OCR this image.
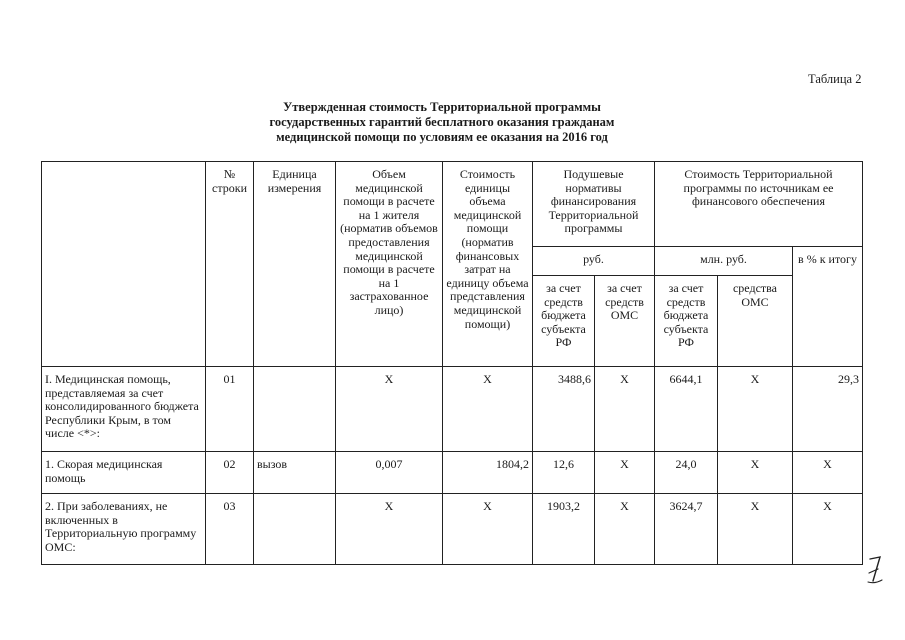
Таблица 2
Утвержденная стоимость Территориальной программы
государственных гарантий бесплатного оказания гражданам
медицинской помощи по условиям ее оказания на 2016 год
	№ строки	Единица измерения	Объем медицинской помощи в расчете на 1 жителя (норматив объемов предоставления медицинской помощи в расчете на 1 застрахованное лицо)	Стоимость единицы объема медицинской помощи (норматив финансовых затрат на единицу объема представления медицинской помощи)	Подушевые нормативы финансирования Территориальной программы		Стоимость Территориальной программы по источникам ее финансового обеспечения		
					руб.		млн. руб.		в % к итогу
					за счет средств бюджета субъекта РФ	за счет средств ОМС	за счет средств бюджета субъекта РФ	средства ОМС	
I. Медицинская помощь, представляемая за счет консолидированного бюджета Республики Крым, в том числе <*>:	01		X	X	3488,6	X	6644,1	X	29,3
1. Скорая медицинская помощь	02	вызов	0,007	1804,2	12,6	X	24,0	X	X
2. При заболеваниях, не включенных в Территориальную программу ОМС:	03		X	X	1903,2	X	3624,7	X	X
